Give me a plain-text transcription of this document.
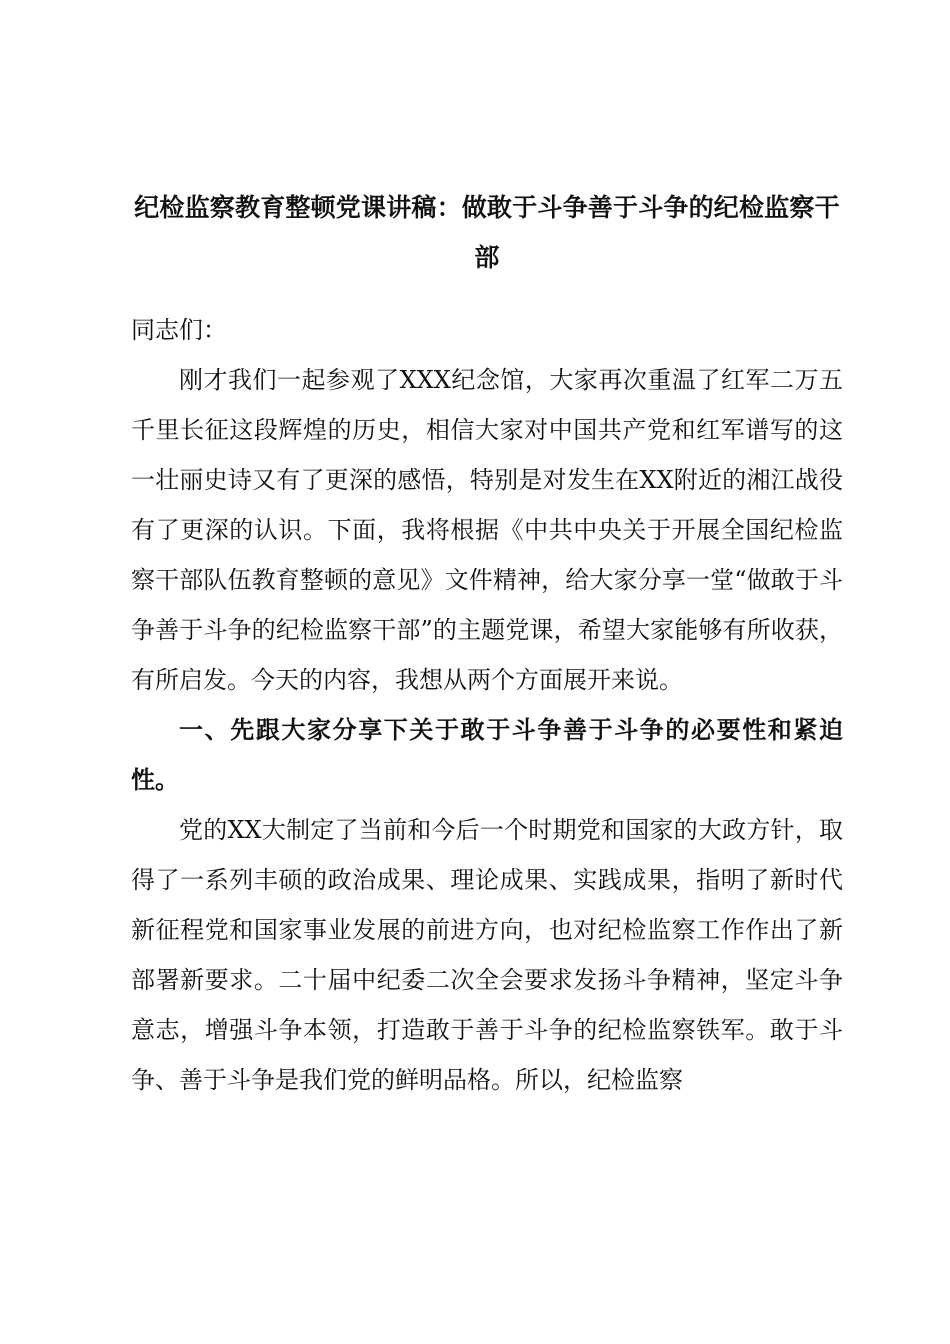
纪检监察教育整顿党课讲稿：做敢于斗争善于斗争的纪检监察干部

同志们：

刚才我们一起参观了XXX纪念馆，大家再次重温了红军二万五千里长征这段辉煌的历史，相信大家对中国共产党和红军谱写的这一壮丽史诗又有了更深的感悟，特别是对发生在XX附近的湘江战役有了更深的认识。下面，我将根据《中共中央关于开展全国纪检监察干部队伍教育整顿的意见》文件精神，给大家分享一堂“做敢于斗争善于斗争的纪检监察干部”的主题党课，希望大家能够有所收获，有所启发。今天的内容，我想从两个方面展开来说。

一、先跟大家分享下关于敢于斗争善于斗争的必要性和紧迫性。

党的XX大制定了当前和今后一个时期党和国家的大政方针，取得了一系列丰硕的政治成果、理论成果、实践成果，指明了新时代新征程党和国家事业发展的前进方向，也对纪检监察工作作出了新部署新要求。二十届中纪委二次全会要求发扬斗争精神，坚定斗争意志，增强斗争本领，打造敢于善于斗争的纪检监察铁军。敢于斗争、善于斗争是我们党的鲜明品格。所以，纪检监察
